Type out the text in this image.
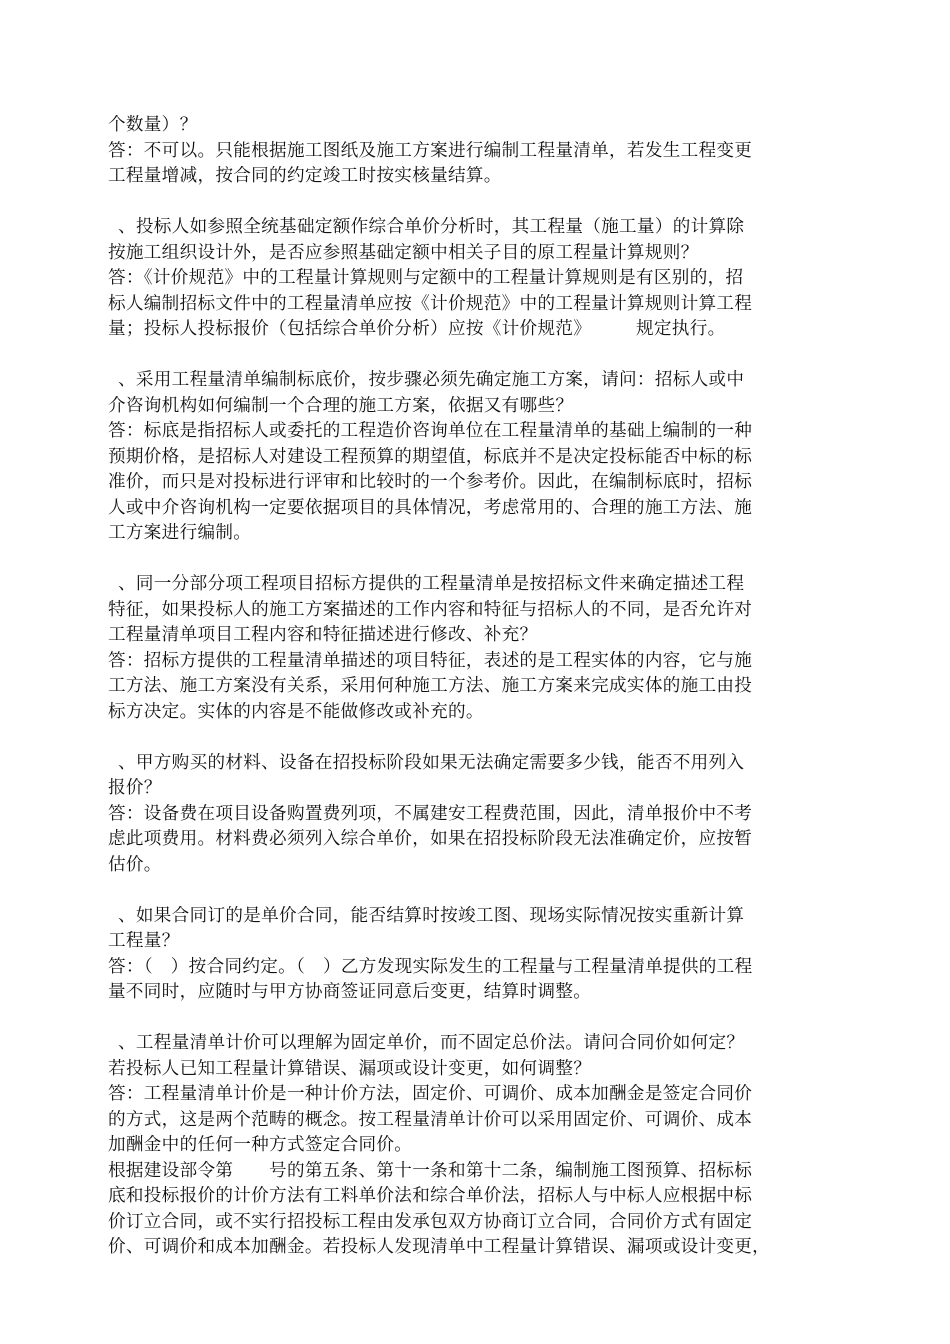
个数量）？
答：不可以。只能根据施工图纸及施工方案进行编制工程量清单，若发生工程变更
工程量增减，按合同的约定竣工时按实核量结算。
、投标人如参照全统基础定额作综合单价分析时，其工程量（施工量）的计算除
按施工组织设计外，是否应参照基础定额中相关子目的原工程量计算规则？
答：《计价规范》中的工程量计算规则与定额中的工程量计算规则是有区别的，招
标人编制招标文件中的工程量清单应按《计价规范》中的工程量计算规则计算工程
量；投标人投标报价（包括综合单价分析）应按《计价规范》　　　规定执行。
、采用工程量清单编制标底价，按步骤必须先确定施工方案，请问：招标人或中
介咨询机构如何编制一个合理的施工方案，依据又有哪些？
答：标底是指招标人或委托的工程造价咨询单位在工程量清单的基础上编制的一种
预期价格，是招标人对建设工程预算的期望值，标底并不是决定投标能否中标的标
准价，而只是对投标进行评审和比较时的一个参考价。因此，在编制标底时，招标
人或中介咨询机构一定要依据项目的具体情况，考虑常用的、合理的施工方法、施
工方案进行编制。
、同一分部分项工程项目招标方提供的工程量清单是按招标文件来确定描述工程
特征，如果投标人的施工方案描述的工作内容和特征与招标人的不同，是否允许对
工程量清单项目工程内容和特征描述进行修改、补充？
答：招标方提供的工程量清单描述的项目特征，表述的是工程实体的内容，它与施
工方法、施工方案没有关系，采用何种施工方法、施工方案来完成实体的施工由投
标方决定。实体的内容是不能做修改或补充的。
、甲方购买的材料、设备在招投标阶段如果无法确定需要多少钱，能否不用列入
报价？
答：设备费在项目设备购置费列项，不属建安工程费范围，因此，清单报价中不考
虑此项费用。材料费必须列入综合单价，如果在招投标阶段无法准确定价，应按暂
估价。
、如果合同订的是单价合同，能否结算时按竣工图、现场实际情况按实重新计算
工程量？
答：（　）按合同约定。（　）乙方发现实际发生的工程量与工程量清单提供的工程
量不同时，应随时与甲方协商签证同意后变更，结算时调整。
、工程量清单计价可以理解为固定单价，而不固定总价法。请问合同价如何定？
若投标人已知工程量计算错误、漏项或设计变更，如何调整？
答：工程量清单计价是一种计价方法，固定价、可调价、成本加酬金是签定合同价
的方式，这是两个范畴的概念。按工程量清单计价可以采用固定价、可调价、成本
加酬金中的任何一种方式签定合同价。
根据建设部令第　　号的第五条、第十一条和第十二条，编制施工图预算、招标标
底和投标报价的计价方法有工料单价法和综合单价法，招标人与中标人应根据中标
价订立合同，或不实行招投标工程由发承包双方协商订立合同，合同价方式有固定
价、可调价和成本加酬金。若投标人发现清单中工程量计算错误、漏项或设计变更，
